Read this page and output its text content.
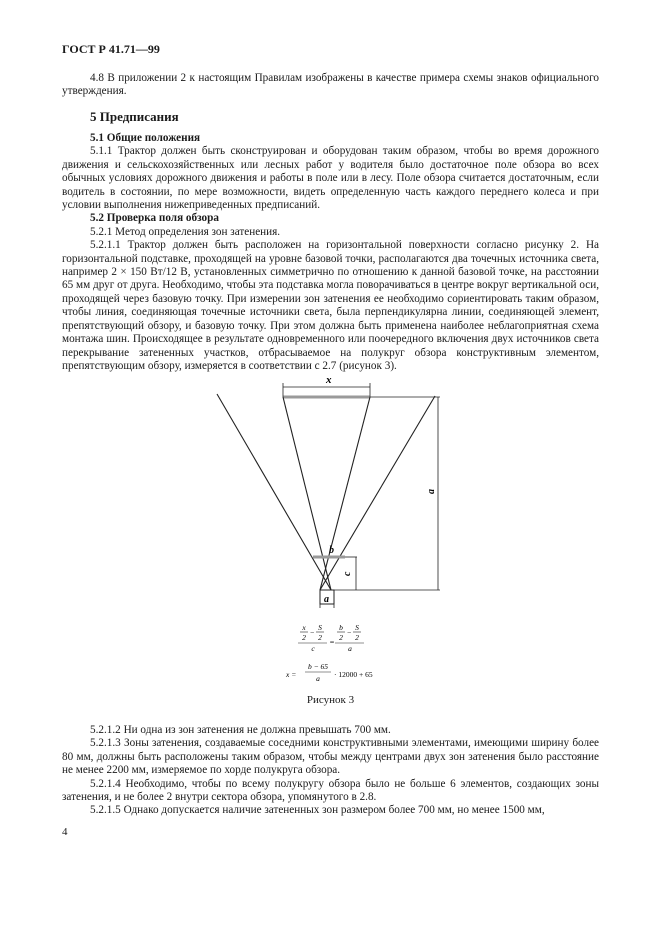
ГОСТ Р 41.71—99

4.8 В приложении 2 к настоящим Правилам изображены в качестве примера схемы знаков официального утверждения.

5 Предписания

5.1 Общие положения

5.1.1 Трактор должен быть сконструирован и оборудован таким образом, чтобы во время дорожного движения и сельскохозяйственных или лесных работ у водителя было достаточное поле обзора во всех обычных условиях дорожного движения и работы в поле или в лесу. Поле обзора считается достаточным, если водитель в состоянии, по мере возможности, видеть определенную часть каждого переднего колеса и при условии выполнения нижеприведенных предписаний.

5.2 Проверка поля обзора

5.2.1 Метод определения зон затенения.

5.2.1.1 Трактор должен быть расположен на горизонтальной поверхности согласно рисунку 2. На горизонтальной подставке, проходящей на уровне базовой точки, располагаются два точечных источника света, например 2 × 150 Вт/12 В, установленных симметрично по отношению к данной базовой точке, на расстоянии 65 мм друг от друга. Необходимо, чтобы эта подставка могла поворачиваться в центре вокруг вертикальной оси, проходящей через базовую точку. При измерении зон затенения ее необходимо сориентировать таким образом, чтобы линия, соединяющая точечные источники света, была перпендикулярна линии, соединяющей элемент, препятствующий обзору, и базовую точку. При этом должна быть применена наиболее неблагоприятная схема монтажа шин. Происходящее в результате одновременного или поочередного включения двух источников света перекрывание затененных участков, отбрасываемое на полукруг обзора конструктивным элементом, препятствующим обзору, измеряется в соответствии с 2.7 (рисунок 3).

x
b
a
c
a
x
2
−
S
2
c
=
b
2
−
S
2
a
x =
b − 65
a · 12000 + 65
Рисунок 3

5.2.1.2 Ни одна из зон затенения не должна превышать 700 мм.

5.2.1.3 Зоны затенения, создаваемые соседними конструктивными элементами, имеющими ширину более 80 мм, должны быть расположены таким образом, чтобы между центрами двух зон затенения было расстояние не менее 2200 мм, измеряемое по хорде полукруга обзора.

5.2.1.4 Необходимо, чтобы по всему полукругу обзора было не больше 6 элементов, создающих зоны затенения, и не более 2 внутри сектора обзора, упомянутого в 2.8.

5.2.1.5 Однако допускается наличие затененных зон размером более 700 мм, но менее 1500 мм,

4
